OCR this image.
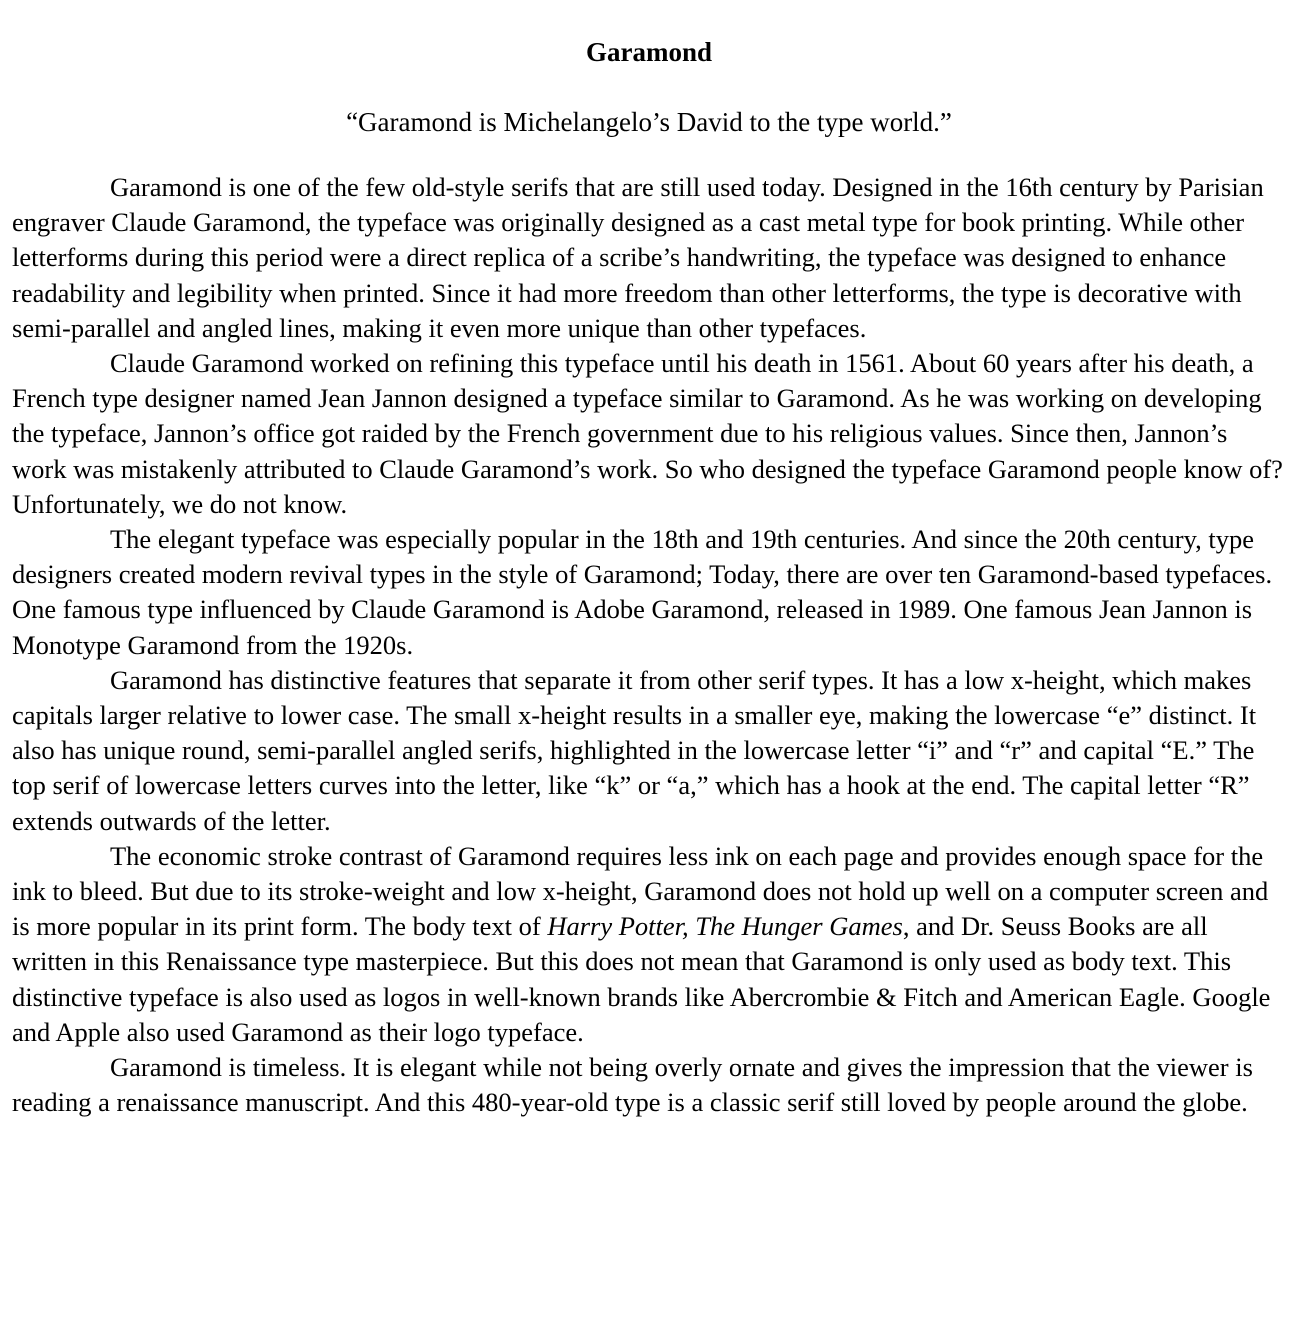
Garamond

“Garamond is Michelangelo’s David to the type world.”

Garamond is one of the few old-style serifs that are still used today. Designed in the 16th century by Parisian engraver Claude Garamond, the typeface was originally designed as a cast metal type for book printing. While other letterforms during this period were a direct replica of a scribe’s handwriting, the typeface was designed to enhance readability and legibility when printed. Since it had more freedom than other letterforms, the type is decorative with semi-parallel and angled lines, making it even more unique than other typefaces.

Claude Garamond worked on refining this typeface until his death in 1561. About 60 years after his death, a French type designer named Jean Jannon designed a typeface similar to Garamond. As he was working on developing the typeface, Jannon’s office got raided by the French government due to his religious values. Since then, Jannon’s work was mistakenly attributed to Claude Garamond’s work. So who designed the typeface Garamond people know of? Unfortunately, we do not know.

The elegant typeface was especially popular in the 18th and 19th centuries. And since the 20th century, type designers created modern revival types in the style of Garamond; Today, there are over ten Garamond-based typefaces. One famous type influenced by Claude Garamond is Adobe Garamond, released in 1989. One famous Jean Jannon is Monotype Garamond from the 1920s.

Garamond has distinctive features that separate it from other serif types. It has a low x-height, which makes capitals larger relative to lower case. The small x-height results in a smaller eye, making the lowercase “e” distinct. It also has unique round, semi-parallel angled serifs, highlighted in the lowercase letter “i” and “r” and capital “E.” The top serif of lowercase letters curves into the letter, like “k” or “a,” which has a hook at the end. The capital letter “R” extends outwards of the letter.

The economic stroke contrast of Garamond requires less ink on each page and provides enough space for the ink to bleed. But due to its stroke-weight and low x-height, Garamond does not hold up well on a computer screen and is more popular in its print form. The body text of Harry Potter, The Hunger Games, and Dr. Seuss Books are all written in this Renaissance type masterpiece. But this does not mean that Garamond is only used as body text. This distinctive typeface is also used as logos in well-known brands like Abercrombie & Fitch and American Eagle. Google and Apple also used Garamond as their logo typeface.

Garamond is timeless. It is elegant while not being overly ornate and gives the impression that the viewer is reading a renaissance manuscript. And this 480-year-old type is a classic serif still loved by people around the globe.
